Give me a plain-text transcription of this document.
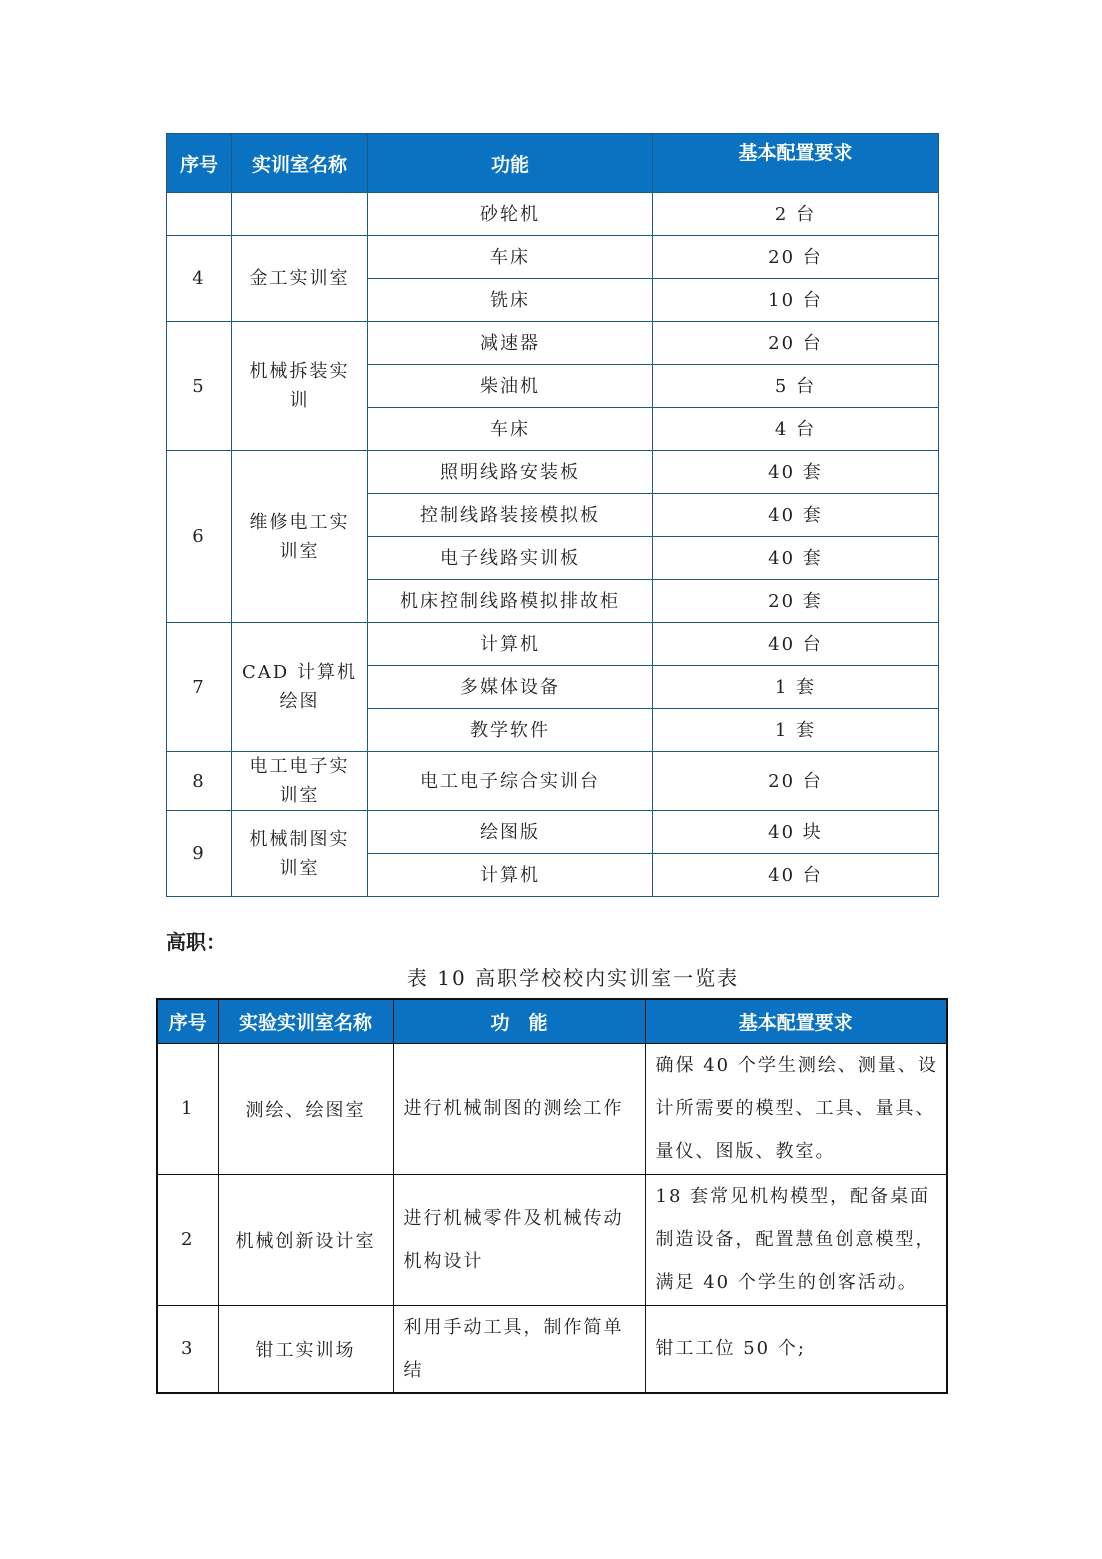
序号	实训室名称	功能	基本配置要求

		砂轮机	2 台
4	金工实训室	车床	20 台
		铣床	10 台
5	机械拆装实训	减速器	20 台
		柴油机	5 台
		车床	4 台
6	维修电工实训室	照明线路安装板	40 套
		控制线路装接模拟板	40 套
		电子线路实训板	40 套
		机床控制线路模拟排故柜	20 套
7	CAD 计算机绘图	计算机	40 台
		多媒体设备	1 套
		教学软件	1 套
8	电工电子实训室	电工电子综合实训台	20 台
9	机械制图实训室	绘图版	40 块
		计算机	40 台
高职：
表 10 高职学校校内实训室一览表
序号	实验实训室名称	功　能	基本配置要求
1	测绘、绘图室	进行机械制图的测绘工作	确保 40 个学生测绘、测量、设计所需要的模型、工具、量具、量仪、图版、教室。
2	机械创新设计室	进行机械零件及机械传动机构设计	18 套常见机构模型，配备桌面制造设备，配置慧鱼创意模型，满足 40 个学生的创客活动。
3	钳工实训场	利用手动工具，制作简单结	钳工工位 50 个;
